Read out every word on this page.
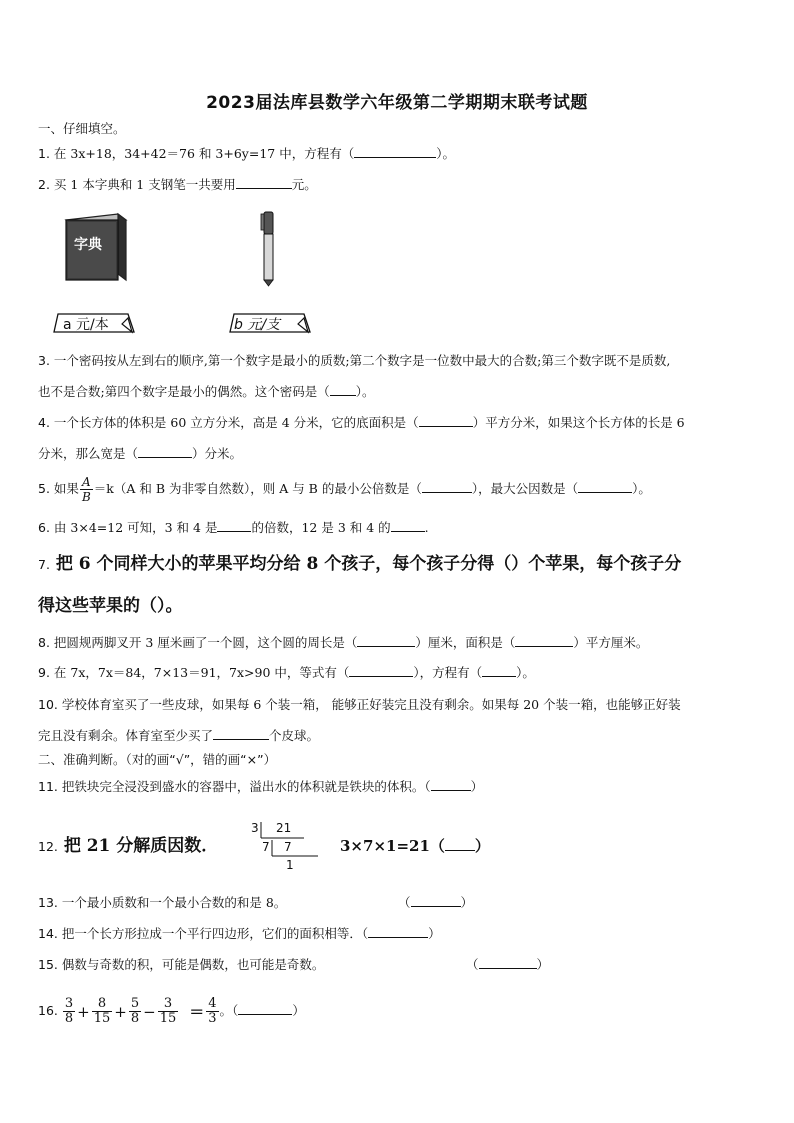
2023届法库县数学六年级第二学期期末联考试题
一、仔细填空。
1. 在 3x+18，34+42＝76 和 3+6y=17 中，方程有（	）。
2. 买 1 本字典和 1 支钢笔一共要用	元。
字典
a 元/本	b 元/支
3. 一个密码按从左到右的顺序,第一个数字是最小的质数;第二个数字是一位数中最大的合数;第三个数字既不是质数,
也不是合数;第四个数字是最小的偶然。这个密码是（ ）。
4. 一个长方体的体积是 60 立方分米，高是 4 分米，它的底面积是（	）平方分米，如果这个长方体的长是 6
分米，那么宽是（	）分米。
5. 如果 $\frac{A}{B} =k(A$ 和 B 为非零自然数），则 A 与 B 的最小公倍数是（	），最大公因数是（	）。
6. 由 3×4=12 可知，3 和 4 是	的倍数，12 是 3 和 4 的	.
7. 把 6 个同样大小的苹果平均分给 8 个孩子，每个孩子分得（）个苹果，每个孩子分
得这些苹果的（）。
8. 把圆规两脚叉开 3 厘米画了一个圆，这个圆的周长是（	）厘米，面积是（	）平方厘米。
9. 在 7x，7x＝84，7×13＝91，7x>90 中，等式有（	），方程有（	）。
10. 学校体育室买了一些皮球，如果每 6 个装一箱， 能够正好装完且没有剩余。如果每 20 个装一箱，也能够正好装
完且没有剩余。体育室至少买了	个皮球。
二、准确判断。（对的画“√”，错的画“×”）
11. 把铁块完全浸没到盛水的容器中，溢出水的体积就是铁块的体积。（	）
12. 把 21 分解质因数．
3 21
7 7
1
3×7×1=21（ ）
13. 一个最小质数和一个最小合数的和是 8。	（	）
14. 把一个长方形拉成一个平行四边形，它们的面积相等．（	）
15. 偶数与奇数的积，可能是偶数，也可能是奇数。	（	）
16. $\frac{3}{8} + \frac{8}{15} + \frac{5}{8} - \frac{3}{15} = \frac{4}{3}$ 。（	）
